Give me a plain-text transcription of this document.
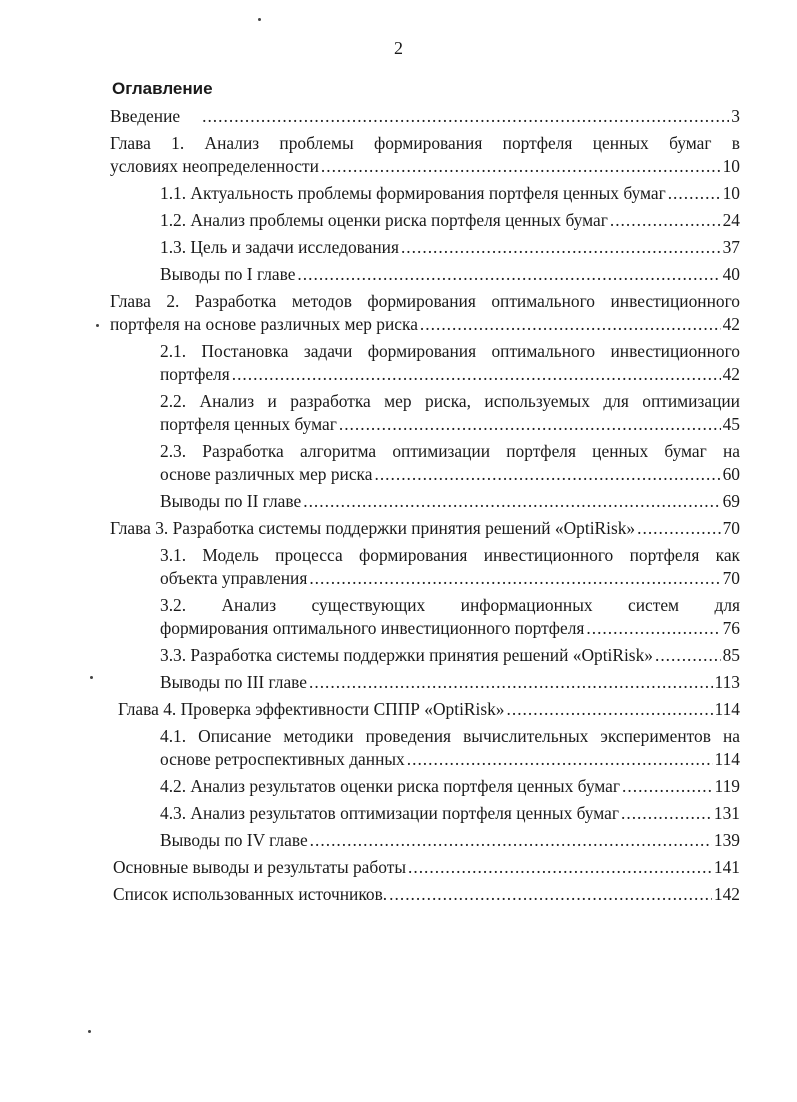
2
Оглавление
Введение .....	3
Глава 1. Анализ проблемы формирования портфеля ценных бумаг в
условиях неопределенности .....	10
1.1. Актуальность проблемы формирования портфеля ценных бумаг .....	10
1.2. Анализ проблемы оценки риска портфеля ценных бумаг .....	24
1.3. Цель и задачи исследования .....	37
Выводы по I главе .....	40
Глава 2. Разработка методов формирования оптимального инвестиционного
портфеля на основе различных мер риска .....	42
2.1. Постановка задачи формирования оптимального инвестиционного
портфеля .....	42
2.2. Анализ и разработка мер риска, используемых для оптимизации
портфеля ценных бумаг .....	45
2.3. Разработка алгоритма оптимизации портфеля ценных бумаг на
основе различных мер риска .....	60
Выводы по II главе .....	69
Глава 3. Разработка системы поддержки принятия решений «OptiRisk» .....	70
3.1. Модель процесса формирования инвестиционного портфеля как
объекта управления .....	70
3.2. Анализ существующих информационных систем для
формирования оптимального инвестиционного портфеля .....	76
3.3. Разработка системы поддержки принятия решений «OptiRisk» .....	85
Выводы по III главе .....	113
Глава 4. Проверка эффективности СППР «OptiRisk» .....	114
4.1. Описание методики проведения вычислительных экспериментов на
основе ретроспективных данных .....	114
4.2. Анализ результатов оценки риска портфеля ценных бумаг .....	119
4.3. Анализ результатов оптимизации портфеля ценных бумаг .....	131
Выводы по IV главе .....	139
Основные выводы и результаты работы .....	141
Список использованных источников. .....	142
